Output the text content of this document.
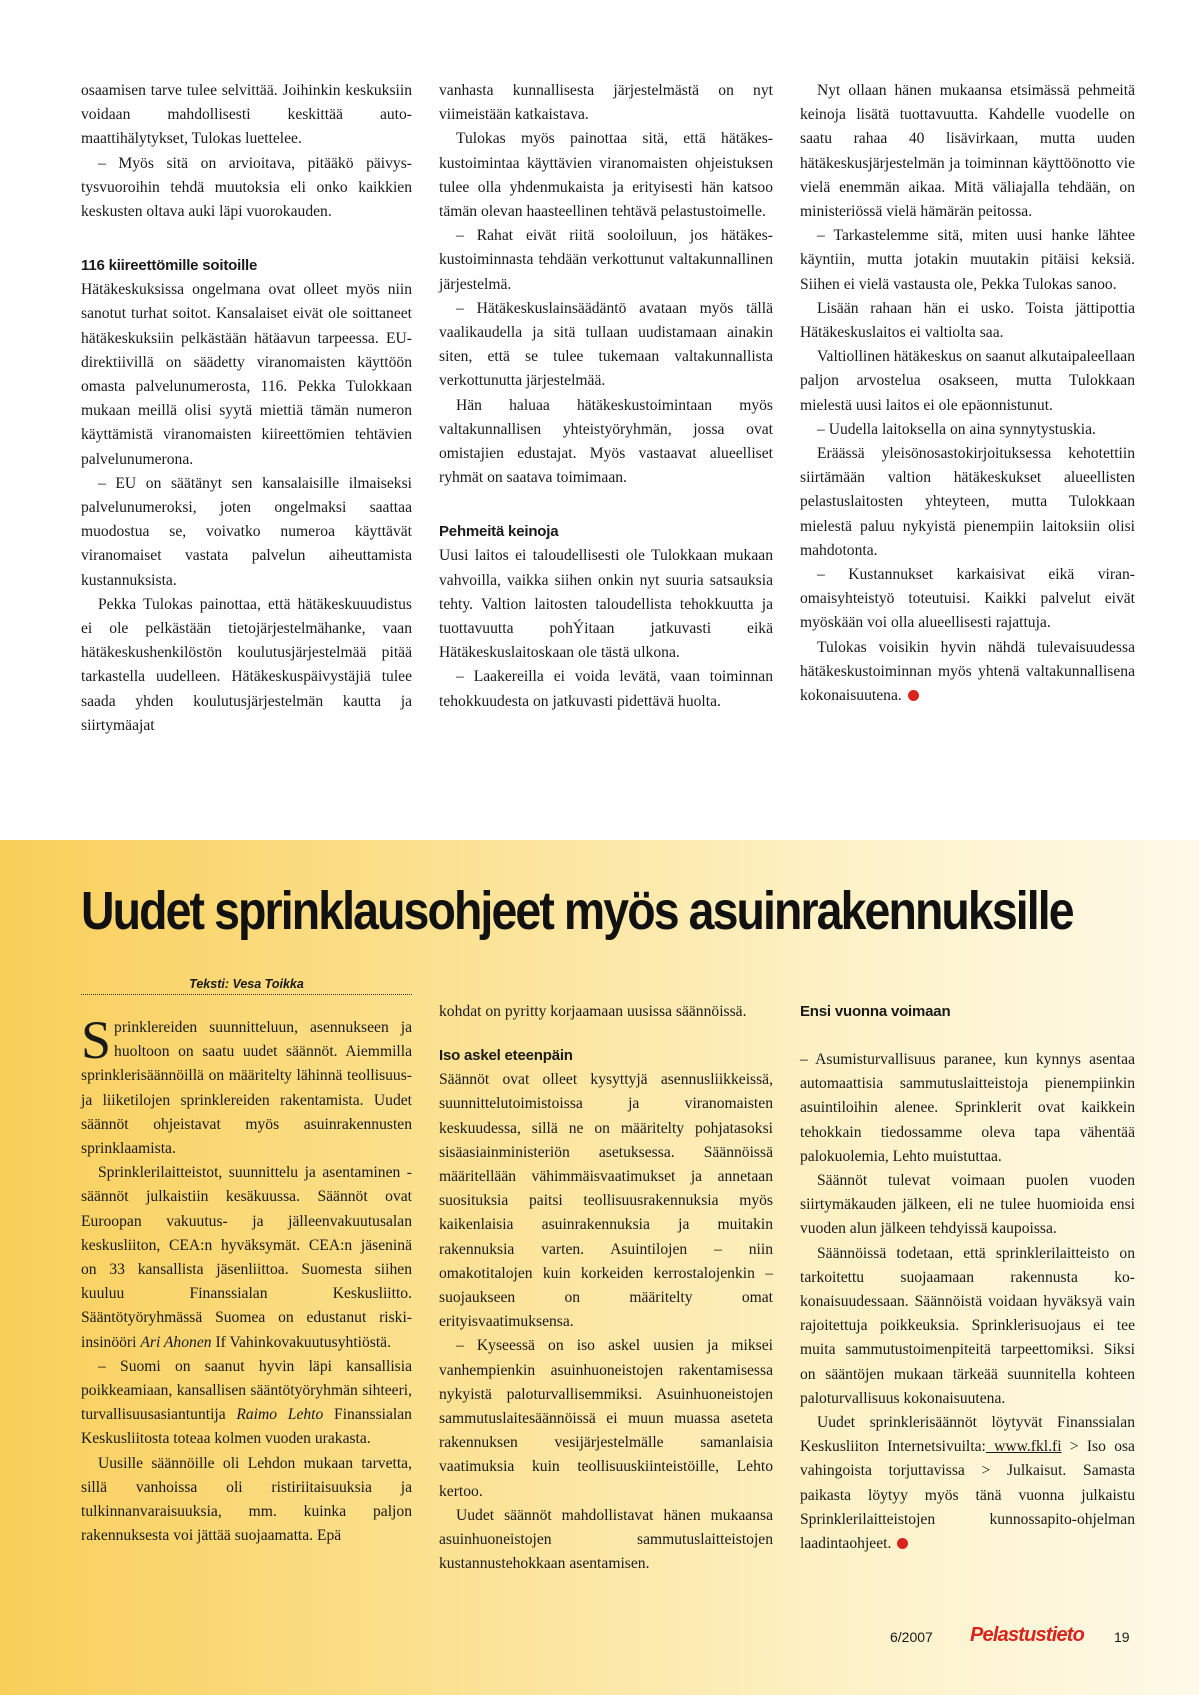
osaamisen tarve tulee selvittää. Joihinkin keskuksiin voidaan mahdollisesti keskittää automaattihälytykset, Tulokas luettelee.

– Myös sitä on arvioitava, pitääkö päivystysvuoroihin tehdä muutoksia eli onko kaikkien keskusten oltava auki läpi vuorokauden.

116 kiireettömille soitoille

Hätäkeskuksissa ongelmana ovat olleet myös niin sanotut turhat soitot. Kansalaiset eivät ole soittaneet hätäkeskuksiin pelkästään hätäavun tarpeessa. EU-direktiivillä on säädetty viranomaisten käyttöön omasta palvelunumerosta, 116. Pekka Tulokkaan mukaan meillä olisi syytä miettiä tämän numeron käyttämistä viranomaisten kiireettömien tehtävien palvelunumerona.

– EU on säätänyt sen kansalaisille ilmaiseksi palvelunumeroksi, joten ongelmaksi saattaa muodostua se, voivatko numeroa käyttävät viranomaiset vastata palvelun aiheuttamista kustannuksista.

Pekka Tulokas painottaa, että hätäkeskuuudistus ei ole pelkästään tietojärjestelmähanke, vaan hätäkeskushenkilöstön koulutusjärjestelmää pitää tarkastella uudelleen. Hätäkeskuspäivystäjiä tulee saada yhden koulutusjärjestelmän kautta ja siirtymäajat

vanhasta kunnallisesta järjestelmästä on nyt viimeistään katkaistava.

Tulokas myös painottaa sitä, että hätäkeskustoimintaa käyttävien viranomaisten ohjeistuksen tulee olla yhdenmukaista ja erityisesti hän katsoo tämän olevan haasteellinen tehtävä pelastustoimelle.

– Rahat eivät riitä sooloiluun, jos hätäkeskustoiminnasta tehdään verkottunut valtakunnallinen järjestelmä.

– Hätäkeskuslainsäädäntö avataan myös tällä vaalikaudella ja sitä tullaan uudistamaan ainakin siten, että se tulee tukemaan valtakunnallista verkottunutta järjestelmää.

Hän haluaa hätäkeskustoimintaan myös valtakunnallisen yhteistyöryhmän, jossa ovat omistajien edustajat. Myös vastaavat alueelliset ryhmät on saatava toimimaan.

Pehmeitä keinoja

Uusi laitos ei taloudellisesti ole Tulokkaan mukaan vahvoilla, vaikka siihen onkin nyt suuria satsauksia tehty. Valtion laitosten taloudellista tehokkuutta ja tuottavuutta pohÝitaan jatkuvasti eikä Hätäkeskuslaitoskaan ole tästä ulkona.

– Laakereilla ei voida levätä, vaan toiminnan tehokkuudesta on jatkuvasti pidettävä huolta.

Nyt ollaan hänen mukaansa etsimässä pehmeitä keinoja lisätä tuottavuutta. Kahdelle vuodelle on saatu rahaa 40 lisävirkaan, mutta uuden hätäkeskusjärjestelmän ja toiminnan käyttöönotto vie vielä enemmän aikaa. Mitä väliajalla tehdään, on ministeriössä vielä hämärän peitossa.

– Tarkastelemme sitä, miten uusi hanke lähtee käyntiin, mutta jotakin muutakin pitäisi keksiä. Siihen ei vielä vastausta ole, Pekka Tulokas sanoo.

Lisään rahaan hän ei usko. Toista jättipottia Hätäkeskuslaitos ei valtiolta saa.

Valtiollinen hätäkeskus on saanut alkutaipaleellaan paljon arvostelua osakseen, mutta Tulokkaan mielestä uusi laitos ei ole epäonnistunut.

– Uudella laitoksella on aina synnytystuskia.

Eräässä yleisönosastokirjoituksessa kehotettiin siirtämään valtion hätäkeskukset alueellisten pelastuslaitosten yhteyteen, mutta Tulokkaan mielestä paluu nykyistä pienempiin laitoksiin olisi mahdotonta.

– Kustannukset karkaisivat eikä viranomaisyhteistyö toteutuisi. Kaikki palvelut eivät myöskään voi olla alueellisesti rajattuja.

Tulokas voisikin hyvin nähdä tulevaisuudessa hätäkeskustoiminnan myös yhtenä valtakunnallisena kokonaisuutena.

Uudet sprinklausohjeet myös asuinrakennuksille
Teksti: Vesa Toikka

Sprinklereiden suunnitteluun, asennukseen ja huoltoon on saatu uudet säännöt. Aiemmilla sprinklerisäännöillä on määritelty lähinnä teollisuus- ja liiketilojen sprinklereiden rakentamista. Uudet säännöt ohjeistavat myös asuinrakennusten sprinklaamista.

Sprinklerilaitteistot, suunnittelu ja asentaminen -säännöt julkaistiin kesäkuussa. Säännöt ovat Euroopan vakuutus- ja jälleenvakuutusalan keskusliiton, CEA:n hyväksymät. CEA:n jäseninä on 33 kansallista jäsenliittoa. Suomesta siihen kuuluu Finanssialan Keskusliitto. Sääntötyöryhmässä Suomea on edustanut riski-insinööri Ari Ahonen If Vahinkovakuutusyhtiöstä.

– Suomi on saanut hyvin läpi kansallisia poikkeamiaan, kansallisen sääntötyöryhmän sihteeri, turvallisuusasiantuntija Raimo Lehto Finanssialan Keskusliitosta toteaa kolmen vuoden urakasta.

Uusille säännöille oli Lehdon mukaan tarvetta, sillä vanhoissa oli ristiriitaisuuksia ja tulkinnanvaraisuuksia, mm. kuinka paljon rakennuksesta voi jättää suojaamatta. Epä

kohdat on pyritty korjaamaan uusissa säännöissä.

Iso askel eteenpäin

Säännöt ovat olleet kysyttyjä asennusliikkeissä, suunnittelutoimistoissa ja viranomaisten keskuudessa, sillä ne on määritelty pohjatasoksi sisäasiainministeriön asetuksessa. Säännöissä määritellään vähimmäisvaatimukset ja annetaan suosituksia paitsi teollisuusrakennuksia myös kaikenlaisia asuinrakennuksia ja muitakin rakennuksia varten. Asuintilojen – niin omakotitalojen kuin korkeiden kerrostalojenkin – suojaukseen on määritelty omat erityisvaatimuksensa.

– Kyseessä on iso askel uusien ja miksei vanhempienkin asuinhuoneistojen rakentamisessa nykyistä paloturvallisemmiksi. Asuinhuoneistojen sammutuslaitesäännöissä ei muun muassa aseteta rakennuksen vesijärjestelmälle samanlaisia vaatimuksia kuin teollisuuskiinteistöille, Lehto kertoo.

Uudet säännöt mahdollistavat hänen mukaansa asuinhuoneistojen sammutuslaitteistojen kustannustehokkaan asentamisen.

Ensi vuonna voimaan

– Asumisturvallisuus paranee, kun kynnys asentaa automaattisia sammutuslaitteistoja pienempiinkin asuintiloihin alenee. Sprinklerit ovat kaikkein tehokkain tiedossamme oleva tapa vähentää palokuolemia, Lehto muistuttaa.

Säännöt tulevat voimaan puolen vuoden siirtymäkauden jälkeen, eli ne tulee huomioida ensi vuoden alun jälkeen tehdyissä kaupoissa.

Säännöissä todetaan, että sprinklerilaitteisto on tarkoitettu suojaamaan rakennusta kokonaisuudessaan. Säännöistä voidaan hyväksyä vain rajoitettuja poikkeuksia. Sprinklerisuojaus ei tee muita sammutustoimenpiteitä tarpeettomiksi. Siksi on sääntöjen mukaan tärkeää suunnitella kohteen paloturvallisuus kokonaisuutena.

Uudet sprinklerisäännöt löytyvät Finanssialan Keskusliiton Internetsivuilta: www.fkl.fi > Iso osa vahingoista torjuttavissa > Julkaisut. Samasta paikasta löytyy myös tänä vuonna julkaistu Sprinklerilaitteistojen kunnossapito-ohjelman laadintaohjeet.

6/2007 Pelastustieto 19
